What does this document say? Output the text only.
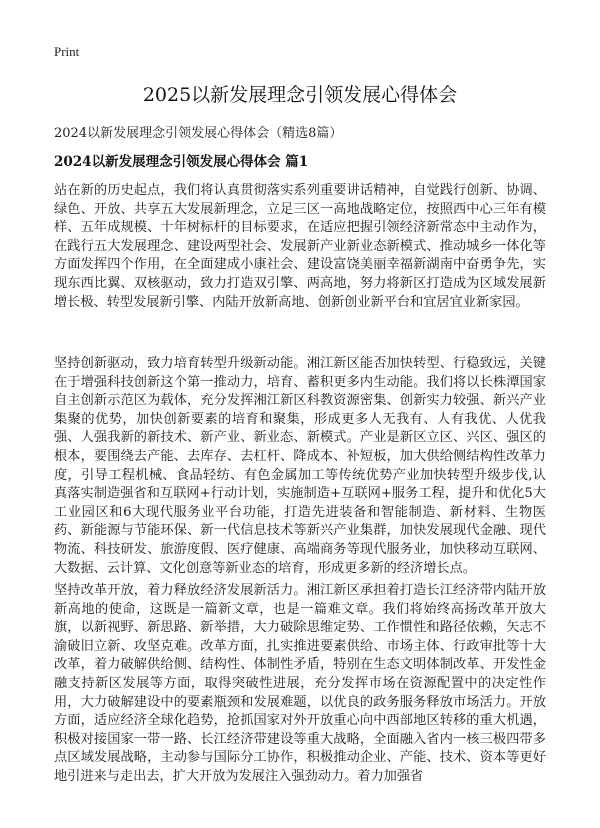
Print
2025以新发展理念引领发展心得体会
2024以新发展理念引领发展心得体会（精选8篇）
2024以新发展理念引领发展心得体会 篇1

站在新的历史起点，我们将认真贯彻落实系列重要讲话精神，自觉践行创新、协调、绿色、开放、共享五大发展新理念，立足三区一高地战略定位，按照西中心三年有模样、五年成规模、十年树标杆的目标要求，在适应把握引领经济新常态中主动作为，在践行五大发展理念、建设两型社会、发展新产业新业态新模式、推动城乡一体化等方面发挥四个作用，在全面建成小康社会、建设富饶美丽幸福新湖南中奋勇争先，实现东西比翼、双核驱动，致力打造双引擎、两高地，努力将新区打造成为区域发展新增长极、转型发展新引擎、内陆开放新高地、创新创业新平台和宜居宜业新家园。

坚持创新驱动，致力培育转型升级新动能。湘江新区能否加快转型、行稳致远，关键在于增强科技创新这个第一推动力，培育、蓄积更多内生动能。我们将以长株潭国家自主创新示范区为载体，充分发挥湘江新区科教资源密集、创新实力较强、新兴产业集聚的优势，加快创新要素的培育和聚集，形成更多人无我有、人有我优、人优我强、人强我新的新技术、新产业、新业态、新模式。产业是新区立区、兴区、强区的根本，要围绕去产能、去库存、去杠杆、降成本、补短板，加大供给侧结构性改革力度，引导工程机械、食品轻纺、有色金属加工等传统优势产业加快转型升级步伐,认真落实制造强省和互联网+行动计划，实施制造+互联网+服务工程，提升和优化5大工业园区和6大现代服务业平台功能，打造先进装备和智能制造、新材料、生物医药、新能源与节能环保、新一代信息技术等新兴产业集群，加快发展现代金融、现代物流、科技研发、旅游度假、医疗健康、高端商务等现代服务业，加快移动互联网、大数据、云计算、文化创意等新业态的培育，形成更多新的经济增长点。

坚持改革开放，着力释放经济发展新活力。湘江新区承担着打造长江经济带内陆开放新高地的使命，这既是一篇新文章，也是一篇难文章。我们将始终高扬改革开放大旗，以新视野、新思路、新举措，大力破除思维定势、工作惯性和路径依赖，矢志不渝破旧立新、攻坚克难。改革方面，扎实推进要素供给、市场主体、行政审批等十大改革，着力破解供给侧、结构性、体制性矛盾，特别在生态文明体制改革、开发性金融支持新区发展等方面，取得突破性进展，充分发挥市场在资源配置中的决定性作用，大力破解建设中的要素瓶颈和发展难题，以优良的政务服务释放市场活力。开放方面，适应经济全球化趋势，抢抓国家对外开放重心向中西部地区转移的重大机遇，积极对接国家一带一路、长江经济带建设等重大战略，全面融入省内一核三极四带多点区域发展战略，主动参与国际分工协作，积极推动企业、产能、技术、资本等更好地引进来与走出去，扩大开放为发展注入强劲动力。着力加强省
